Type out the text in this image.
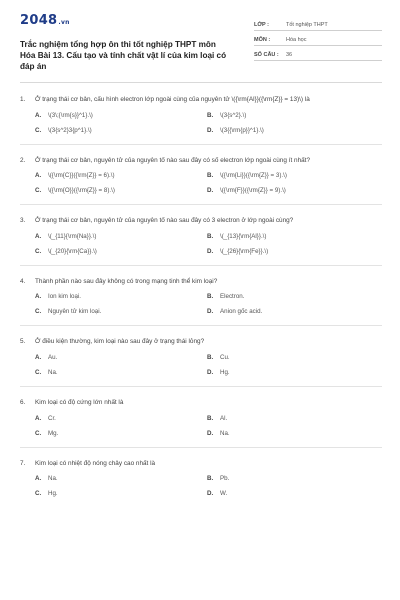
2048.vn
Trắc nghiệm tổng hợp ôn thi tốt nghiệp THPT môn Hóa Bài 13. Cấu tạo và tính chất vật lí của kim loại có đáp án
LỚP :	Tốt nghiệp THPT
MÔN :	Hóa học
SỐ CÂU :	36
1.	Ở trạng thái cơ bản, cấu hình electron lớp ngoài cùng của nguyên tử \({\rm{Al}}({\rm{Z}} = 13)\) là
A.	\(3\;{\rm{s}}^1}.\)	B.	\(3{s^2}.\)
C.	\(3{s^2}3{p^1}.\)	D.	\(3{{\rm{p}}^1}.\)
2.	Ở trạng thái cơ bản, nguyên tử của nguyên tố nào sau đây có số electron lớp ngoài cùng ít nhất?
A.	\({\rm{C}}({\rm{Z}} = 6).\)	B.	\({\rm{Li}}({\rm{Z}} = 3).\)
C.	\({\rm{O}}({\rm{Z}} = 8).\)	D.	\({\rm{F}}({\rm{Z}} = 9).\)
3.	Ở trạng thái cơ bản, nguyên tử của nguyên tố nào sau đây có 3 electron ở lớp ngoài cùng?
A.	\(_{11}{\rm{Na}}.\)	B.	\(_{13}{\rm{Al}}.\)
C.	\(_{20}{\rm{Ca}}.\)	D.	\(_{26}{\rm{Fe}}.\)
4.	Thành phần nào sau đây không có trong mạng tinh thể kim loại?
A.	Ion kim loại.	B.	Electron.
C.	Nguyên tử kim loại.	D.	Anion gốc acid.
5.	Ở điều kiện thường, kim loại nào sau đây ở trạng thái lỏng?
A.	Au.	B.	Cu.
C.	Na.	D.	Hg.
6.	Kim loại có độ cứng lớn nhất là
A.	Cr.	B.	Al.
C.	Mg.	D.	Na.
7.	Kim loại có nhiệt độ nóng chảy cao nhất là
A.	Na.	B.	Pb.
C.	Hg.	D.	W.
